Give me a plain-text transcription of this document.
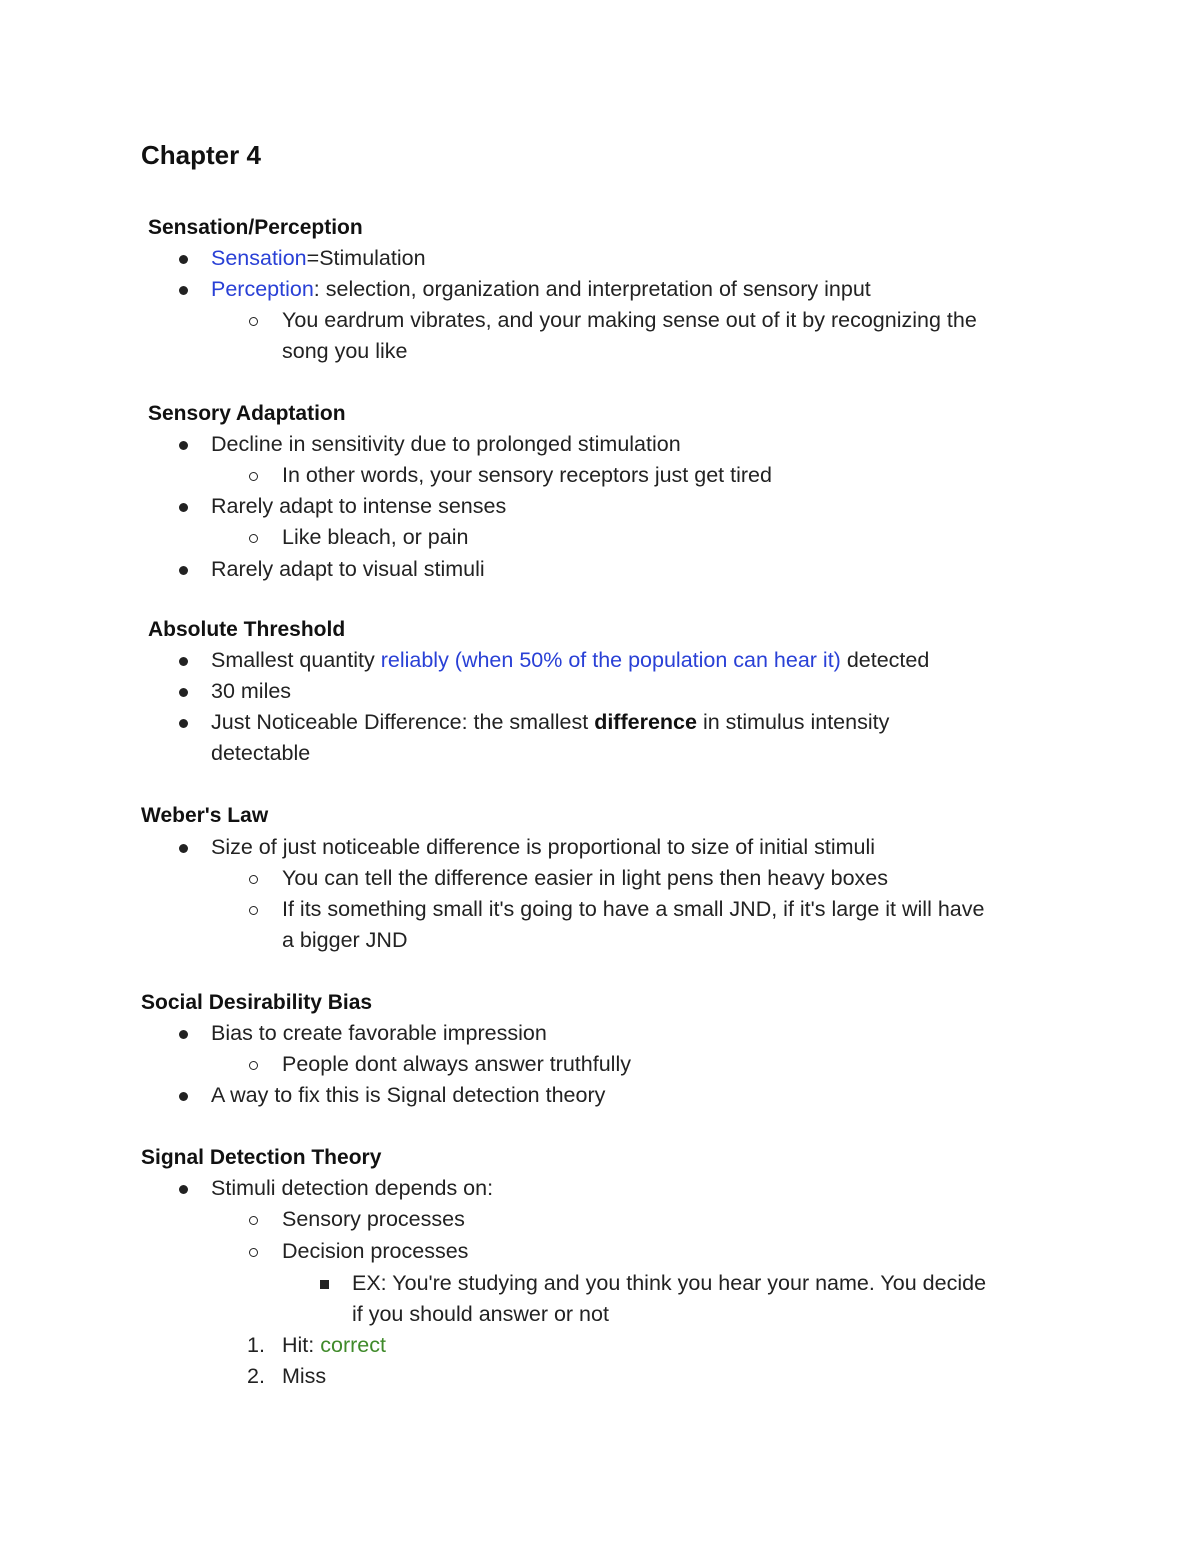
Chapter 4
Sensation/Perception
Sensation=Stimulation
Perception: selection, organization and interpretation of sensory input
You eardrum vibrates, and your making sense out of it by recognizing the
song you like
Sensory Adaptation
Decline in sensitivity due to prolonged stimulation
In other words, your sensory receptors just get tired
Rarely adapt to intense senses
Like bleach, or pain
Rarely adapt to visual stimuli
Absolute Threshold
Smallest quantity reliably (when 50% of the population can hear it) detected
30 miles
Just Noticeable Difference: the smallest difference in stimulus intensity
detectable
Weber's Law
Size of just noticeable difference is proportional to size of initial stimuli
You can tell the difference easier in light pens then heavy boxes
If its something small it's going to have a small JND, if it's large it will have
a bigger JND
Social Desirability Bias
Bias to create favorable impression
People dont always answer truthfully
A way to fix this is Signal detection theory
Signal Detection Theory
Stimuli detection depends on:
Sensory processes
Decision processes
EX: You're studying and you think you hear your name. You decide
if you should answer or not
1. Hit: correct
2. Miss
